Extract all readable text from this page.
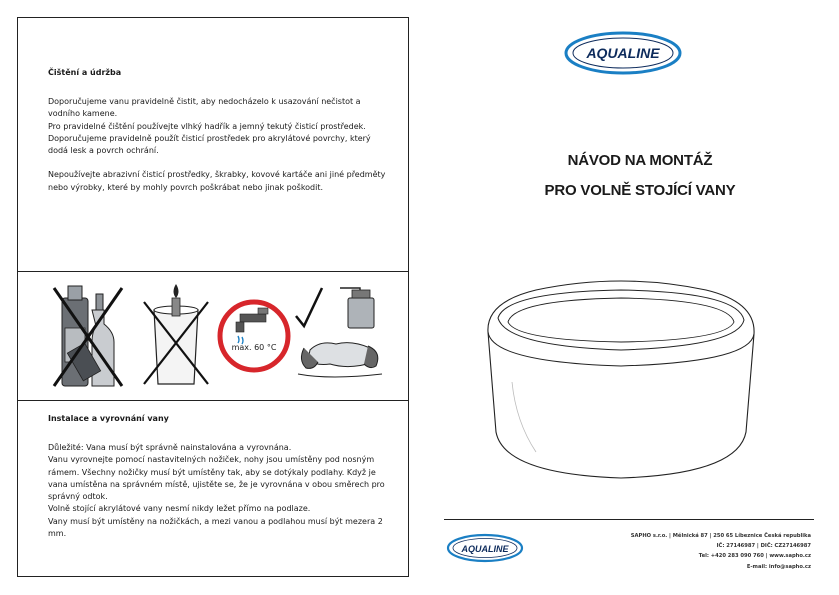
Čištění a údržba

Doporučujeme vanu pravidelně čistit, aby nedocházelo k usazování nečistot a vodního kamene.

Pro pravidelné čištění používejte vlhký hadřík a jemný tekutý čisticí prostředek.

Doporučujeme pravidelně použít čisticí prostředek pro akrylátové povrchy, který dodá lesk a povrch ochrání.

Nepoužívejte abrazivní čisticí prostředky, škrabky, kovové kartáče ani jiné předměty nebo výrobky, které by mohly povrch poškrábat nebo jinak poškodit.

max. 60 °C
Instalace a vyrovnání vany

Důležité: Vana musí být správně nainstalována a vyrovnána.

Vanu vyrovnejte pomocí nastavitelných nožiček, nohy jsou umístěny pod nosným rámem. Všechny nožičky musí být umístěny tak, aby se dotýkaly podlahy. Když je vana umístěna na správném místě, ujistěte se, že je vyrovnána v obou směrech pro správný odtok.

Volně stojící akrylátové vany nesmí nikdy ležet přímo na podlaze.

Vany musí být umístěny na nožičkách, a mezi vanou a podlahou musí být mezera 2 mm.

AQUALINE
NÁVOD NA MONTÁŽ
PRO VOLNĚ STOJÍCÍ VANY
AQUALINE
SAPHO s.r.o. | Mělnická 87 | 250 65 Líbeznice Česká republika
IČ: 27146987 | DIČ: CZ27146987
Tel: +420 283 090 760 | www.sapho.cz
E-mail: info@sapho.cz
